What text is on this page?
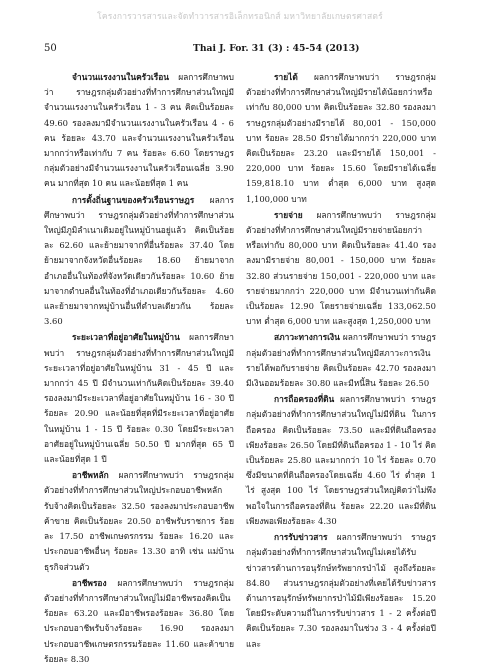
โครงการวารสารและจัดทำวารสารอิเล็กทรอนิกส์ มหาวิทยาลัยเกษตรศาสตร์
50	Thai J. For. 31 (3) : 45-54 (2013)

จำนวนแรงงานในครัวเรือน ผลการศึกษาพบว่า ราษฎรกลุ่มตัวอย่างที่ทำการศึกษาส่วนใหญ่มีจำนวนแรงงานในครัวเรือน 1 - 3 คน คิดเป็นร้อยละ 49.60 รองลงมามีจำนวนแรงงานในครัวเรือน 4 - 6 คน ร้อยละ 43.70 และจำนวนแรงงานในครัวเรือนมากกว่าหรือเท่ากับ 7 คน ร้อยละ 6.60 โดยราษฎรกลุ่มตัวอย่างมีจำนวนแรงงานในครัวเรือนเฉลี่ย 3.90 คน มากที่สุด 10 คน และน้อยที่สุด 1 คน

การตั้งถิ่นฐานของครัวเรือนราษฎร ผลการศึกษาพบว่า ราษฎรกลุ่มตัวอย่างที่ทำการศึกษาส่วนใหญ่มีภูมิลำเนาเดิมอยู่ในหมู่บ้านอยู่แล้ว คิดเป็นร้อยละ 62.60 และย้ายมาจากที่อื่นร้อยละ 37.40 โดยย้ายมาจากจังหวัดอื่นร้อยละ 18.60 ย้ายมาจากอำเภออื่นในท้องที่จังหวัดเดียวกันร้อยละ 10.60 ย้ายมาจากตำบลอื่นในท้องที่อำเภอเดียวกันร้อยละ 4.60 และย้ายมาจากหมู่บ้านอื่นที่ตำบลเดียวกัน ร้อยละ 3.60

ระยะเวลาที่อยู่อาศัยในหมู่บ้าน ผลการศึกษาพบว่า ราษฎรกลุ่มตัวอย่างที่ทำการศึกษาส่วนใหญ่มีระยะเวลาที่อยู่อาศัยในหมู่บ้าน 31 - 45 ปี และมากกว่า 45 ปี มีจำนวนเท่ากันคิดเป็นร้อยละ 39.40 รองลงมามีระยะเวลาที่อยู่อาศัยในหมู่บ้าน 16 - 30 ปี ร้อยละ 20.90 และน้อยที่สุดที่มีระยะเวลาที่อยู่อาศัยในหมู่บ้าน 1 - 15 ปี ร้อยละ 0.30 โดยมีระยะเวลาอาศัยอยู่ในหมู่บ้านเฉลี่ย 50.50 ปี มากที่สุด 65 ปี และน้อยที่สุด 1 ปี

อาชีพหลัก ผลการศึกษาพบว่า ราษฎรกลุ่มตัวอย่างที่ทำการศึกษาส่วนใหญ่ประกอบอาชีพหลักรับจ้างคิดเป็นร้อยละ 32.50 รองลงมาประกอบอาชีพค้าขาย คิดเป็นร้อยละ 20.50 อาชีพรับราชการ ร้อยละ 17.50 อาชีพเกษตรกรรม ร้อยละ 16.20 และประกอบอาชีพอื่นๆ ร้อยละ 13.30 อาทิ เช่น แม่บ้าน ธุรกิจส่วนตัว

อาชีพรอง ผลการศึกษาพบว่า ราษฎรกลุ่มตัวอย่างที่ทำการศึกษาส่วนใหญ่ไม่มีอาชีพรองคิดเป็นร้อยละ 63.20 และมีอาชีพรองร้อยละ 36.80 โดยประกอบอาชีพรับจ้างร้อยละ 16.90 รองลงมาประกอบอาชีพเกษตรกรรมร้อยละ 11.60 และค้าขายร้อยละ 8.30

รายได้ ผลการศึกษาพบว่า ราษฎรกลุ่มตัวอย่างที่ทำการศึกษาส่วนใหญ่มีรายได้น้อยกว่าหรือเท่ากับ 80,000 บาท คิดเป็นร้อยละ 32.80 รองลงมาราษฎรกลุ่มตัวอย่างมีรายได้ 80,001 - 150,000 บาท ร้อยละ 28.50 มีรายได้มากกว่า 220,000 บาท คิดเป็นร้อยละ 23.20 และมีรายได้ 150,001 - 220,000 บาท ร้อยละ 15.60 โดยมีรายได้เฉลี่ย 159,818.10 บาท ต่ำสุด 6,000 บาท สูงสุด 1,100,000 บาท

รายจ่าย ผลการศึกษาพบว่า ราษฎรกลุ่มตัวอย่างที่ทำการศึกษาส่วนใหญ่มีรายจ่ายน้อยกว่า หรือเท่ากับ 80,000 บาท คิดเป็นร้อยละ 41.40 รองลงมามีรายจ่าย 80,001 - 150,000 บาท ร้อยละ 32.80 ส่วนรายจ่าย 150,001 - 220,000 บาท และรายจ่ายมากกว่า 220,000 บาท มีจำนวนเท่ากันคิดเป็นร้อยละ 12.90 โดยรายจ่ายเฉลี่ย 133,062.50 บาท ต่ำสุด 6,000 บาท และสูงสุด 1,250,000 บาท

สภาวะทางการเงิน ผลการศึกษาพบว่า ราษฎรกลุ่มตัวอย่างที่ทำการศึกษาส่วนใหญ่มีสภาวะการเงินรายได้พอกับรายจ่าย คิดเป็นร้อยละ 42.70 รองลงมามีเงินออมร้อยละ 30.80 และมีหนี้สิน ร้อยละ 26.50

การถือครองที่ดิน ผลการศึกษาพบว่า ราษฎรกลุ่มตัวอย่างที่ทำการศึกษาส่วนใหญ่ไม่มีที่ดิน ในการถือครอง คิดเป็นร้อยละ 73.50 และมีที่ดินถือครองเพียงร้อยละ 26.50 โดยมีที่ดินถือครอง 1 - 10 ไร่ คิดเป็นร้อยละ 25.80 และมากกว่า 10 ไร่ ร้อยละ 0.70 ซึ่งมีขนาดที่ดินถือครองโดยเฉลี่ย 4.60 ไร่ ต่ำสุด 1 ไร่ สูงสุด 100 ไร่ โดยราษฎรส่วนใหญ่คิดว่าไม่พึงพอใจในการถือครองที่ดิน ร้อยละ 22.20 และมีที่ดินเพียงพอเพียงร้อยละ 4.30

การรับข่าวสาร ผลการศึกษาพบว่า ราษฎรกลุ่มตัวอย่างที่ทำการศึกษาส่วนใหญ่ไม่เคยได้รับข่าวสารด้านการอนุรักษ์ทรัพยากรป่าไม้ สูงถึงร้อยละ 84.80 ส่วนราษฎรกลุ่มตัวอย่างที่เคยได้รับข่าวสารด้านการอนุรักษ์ทรัพยากรป่าไม้มีเพียงร้อยละ 15.20 โดยมีระดับความถี่ในการรับข่าวสาร 1 - 2 ครั้งต่อปี คิดเป็นร้อยละ 7.30 รองลงมาในช่วง 3 - 4 ครั้งต่อปี และ
